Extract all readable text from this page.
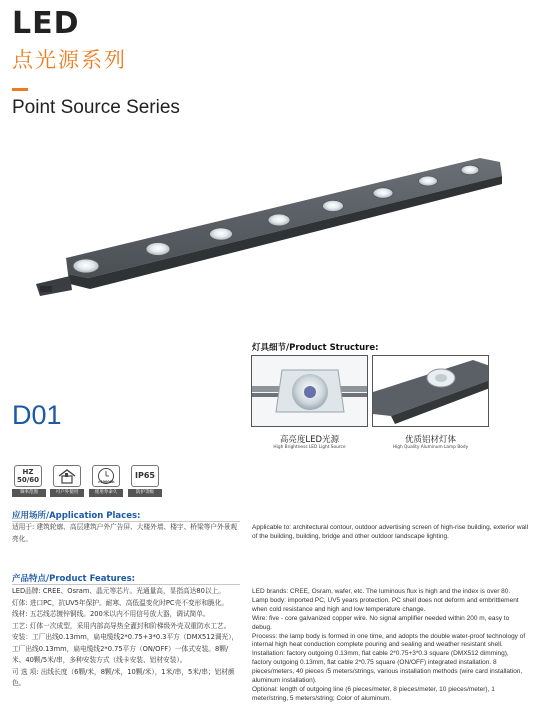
LED
点光源系列
Point Source Series
D01
灯具细节/Product Structure:
高亮度LED光源
High Brightness LED Light Source
优质铝材灯体
High Quality Aluminum Lamp Body
HZ
50/60
频率范围	可户外使用
>30000h
使用寿命久
IP65
防护等级
应用场所/Application Places:
适用于: 建筑轮廓、高层建筑户外广告屏、大楼外墙、楼宇、桥梁等户外景观亮化。
Applicable to: architectural contour, outdoor advertising screen of high-rise building, exterior wall of the building, building, bridge and other outdoor landscape lighting.
产品特点/Product Features:
LED品牌: CREE、Osram、晶元等芯片。光通量高，显指高达80以上。
灯体: 进口PC，抗UV5年保护。耐寒、高低温变化时PC壳不变形和脆化。
线材: 五芯线芯镀锌铜线。200米以内不用信号放大器，调试简单。
工艺: 灯体一次成型，采用内部高导热全灌封和阶梯级外壳双重防水工艺。
安装：工厂出线0.13mm，扁电缆线2*0.75+3*0.3平方（DMX512调光），工厂出线0.13mm，扁电缆线2*0.75平方（ON/OFF）一体式安装。8颗/米、40颗/5米/串，多种安装方式（线卡安装、铝材安装）。
可 选 项: 出线长度（6颗/米，8颗/米，10颗/米），1米/串，5米/串；铝材颜色。
LED brands: CREE, Osram, wafer, etc. The luminous flux is high and the index is over 80.
Lamp body: imported PC, UV5 years protection. PC shell does not deform and embrittlement when cold resistance and high and low temperature change.
Wire: five - core galvanized copper wire. No signal amplifier needed within 200 m, easy to debug.
Process: the lamp body is formed in one time, and adopts the double water-proof technology of internal high heat conduction complete pouring and sealing and weather resistant shell.
Installation: factory outgoing 0.13mm, flat cable 2*0.75+3*0.3 square (DMX512 dimming), factory outgoing 0.13mm, flat cable 2*0.75 square (ON/OFF) integrated installation. 8 pieces/meters, 40 pieces /5 meters/strings, various installation methods (wire card installation, aluminum installation).
Optional: length of outgoing line (6 pieces/meter, 8 pieces/meter, 10 pieces/meter), 1 meter/string, 5 meters/string; Color of aluminum.
